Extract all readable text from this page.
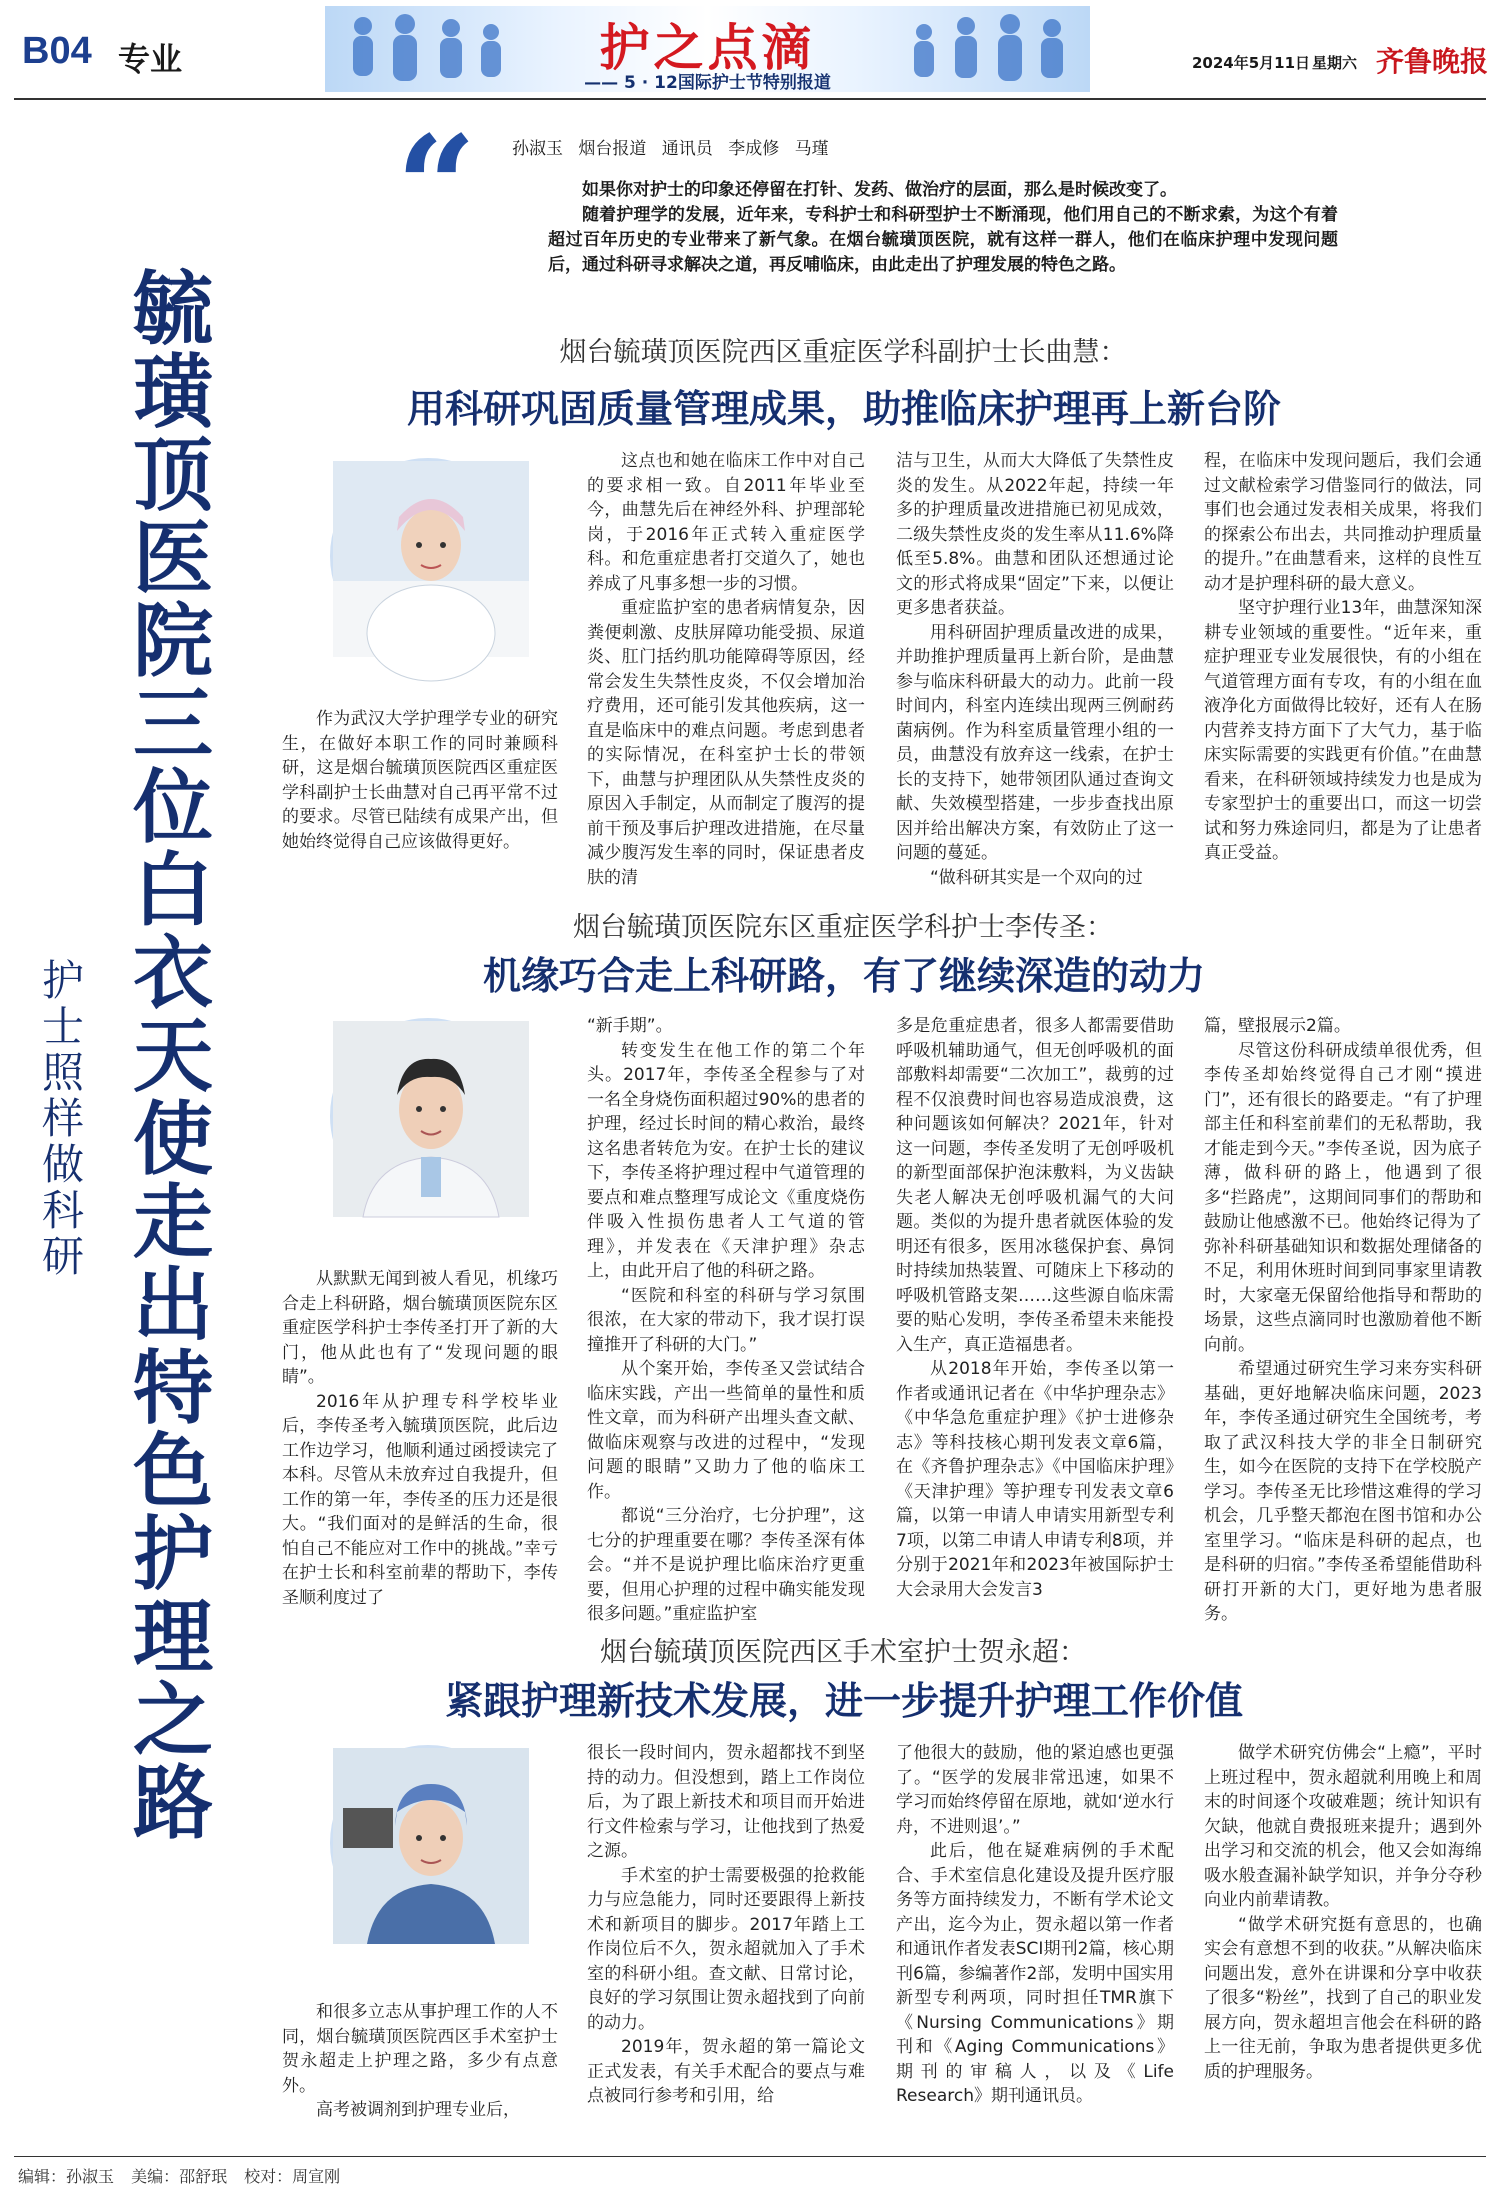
B04 专业	护之点滴
—— 5 · 12国际护士节特别报道
2024年5月11日 星期六 齐鲁晚报
“ 孙淑玉 烟台报道 通讯员 李成修 马瑾

如果你对护士的印象还停留在打针、发药、做治疗的层面，那么是时候改变了。

随着护理学的发展，近年来，专科护士和科研型护士不断涌现，他们用自己的不断求索，为这个有着超过百年历史的专业带来了新气象。在烟台毓璜顶医院，就有这样一群人，他们在临床护理中发现问题后，通过科研寻求解决之道，再反哺临床，由此走出了护理发展的特色之路。

毓璜顶医院三位白衣天使走出特色护理之路
护士照样做科研
烟台毓璜顶医院西区重症医学科副护士长曲慧：
用科研巩固质量管理成果，助推临床护理再上新台阶

作为武汉大学护理学专业的研究生，在做好本职工作的同时兼顾科研，这是烟台毓璜顶医院西区重症医学科副护士长曲慧对自己再平常不过的要求。尽管已陆续有成果产出，但她始终觉得自己应该做得更好。

这点也和她在临床工作中对自己的要求相一致。自2011年毕业至今，曲慧先后在神经外科、护理部轮岗，于2016年正式转入重症医学科。和危重症患者打交道久了，她也养成了凡事多想一步的习惯。

重症监护室的患者病情复杂，因粪便刺激、皮肤屏障功能受损、尿道炎、肛门括约肌功能障碍等原因，经常会发生失禁性皮炎，不仅会增加治疗费用，还可能引发其他疾病，这一直是临床中的难点问题。考虑到患者的实际情况，在科室护士长的带领下，曲慧与护理团队从失禁性皮炎的原因入手制定，从而制定了腹泻的提前干预及事后护理改进措施，在尽量减少腹泻发生率的同时，保证患者皮肤的清

洁与卫生，从而大大降低了失禁性皮炎的发生。从2022年起，持续一年多的护理质量改进措施已初见成效，二级失禁性皮炎的发生率从11.6%降低至5.8%。曲慧和团队还想通过论文的形式将成果“固定”下来，以便让更多患者获益。

用科研固护理质量改进的成果，并助推护理质量再上新台阶，是曲慧参与临床科研最大的动力。此前一段时间内，科室内连续出现两三例耐药菌病例。作为科室质量管理小组的一员，曲慧没有放弃这一线索，在护士长的支持下，她带领团队通过查询文献、失效模型搭建，一步步查找出原因并给出解决方案，有效防止了这一问题的蔓延。

“做科研其实是一个双向的过

程，在临床中发现问题后，我们会通过文献检索学习借鉴同行的做法，同事们也会通过发表相关成果，将我们的探索公布出去，共同推动护理质量的提升。”在曲慧看来，这样的良性互动才是护理科研的最大意义。

坚守护理行业13年，曲慧深知深耕专业领域的重要性。“近年来，重症护理亚专业发展很快，有的小组在气道管理方面有专攻，有的小组在血液净化方面做得比较好，还有人在肠内营养支持方面下了大气力，基于临床实际需要的实践更有价值。”在曲慧看来，在科研领域持续发力也是成为专家型护士的重要出口，而这一切尝试和努力殊途同归，都是为了让患者真正受益。

烟台毓璜顶医院东区重症医学科护士李传圣：
机缘巧合走上科研路，有了继续深造的动力

从默默无闻到被人看见，机缘巧合走上科研路，烟台毓璜顶医院东区重症医学科护士李传圣打开了新的大门，他从此也有了“发现问题的眼睛”。

2016年从护理专科学校毕业后，李传圣考入毓璜顶医院，此后边工作边学习，他顺利通过函授读完了本科。尽管从未放弃过自我提升，但工作的第一年，李传圣的压力还是很大。“我们面对的是鲜活的生命，很怕自己不能应对工作中的挑战。”幸亏在护士长和科室前辈的帮助下，李传圣顺利度过了

“新手期”。

转变发生在他工作的第二个年头。2017年，李传圣全程参与了对一名全身烧伤面积超过90%的患者的护理，经过长时间的精心救治，最终这名患者转危为安。在护士长的建议下，李传圣将护理过程中气道管理的要点和难点整理写成论文《重度烧伤伴吸入性损伤患者人工气道的管理》，并发表在《天津护理》杂志上，由此开启了他的科研之路。

“医院和科室的科研与学习氛围很浓，在大家的带动下，我才误打误撞推开了科研的大门。”

从个案开始，李传圣又尝试结合临床实践，产出一些简单的量性和质性文章，而为科研产出埋头查文献、做临床观察与改进的过程中，“发现问题的眼睛”又助力了他的临床工作。

都说“三分治疗，七分护理”，这七分的护理重要在哪？李传圣深有体会。“并不是说护理比临床治疗更重要，但用心护理的过程中确实能发现很多问题。”重症监护室

多是危重症患者，很多人都需要借助呼吸机辅助通气，但无创呼吸机的面部敷料却需要“二次加工”，裁剪的过程不仅浪费时间也容易造成浪费，这种问题该如何解决？2021年，针对这一问题，李传圣发明了无创呼吸机的新型面部保护泡沫敷料，为义齿缺失老人解决无创呼吸机漏气的大问题。类似的为提升患者就医体验的发明还有很多，医用冰毯保护套、鼻饲时持续加热装置、可随床上下移动的呼吸机管路支架……这些源自临床需要的贴心发明，李传圣希望未来能投入生产，真正造福患者。

从2018年开始，李传圣以第一作者或通讯记者在《中华护理杂志》《中华急危重症护理》《护士进修杂志》等科技核心期刊发表文章6篇，在《齐鲁护理杂志》《中国临床护理》《天津护理》等护理专刊发表文章6篇，以第一申请人申请实用新型专利7项，以第二申请人申请专利8项，并分别于2021年和2023年被国际护士大会录用大会发言3

篇，壁报展示2篇。

尽管这份科研成绩单很优秀，但李传圣却始终觉得自己才刚“摸进门”，还有很长的路要走。“有了护理部主任和科室前辈们的无私帮助，我才能走到今天。”李传圣说，因为底子薄，做科研的路上，他遇到了很多“拦路虎”，这期间同事们的帮助和鼓励让他感激不已。他始终记得为了弥补科研基础知识和数据处理储备的不足，利用休班时间到同事家里请教时，大家毫无保留给他指导和帮助的场景，这些点滴同时也激励着他不断向前。

希望通过研究生学习来夯实科研基础，更好地解决临床问题，2023年，李传圣通过研究生全国统考，考取了武汉科技大学的非全日制研究生，如今在医院的支持下在学校脱产学习。李传圣无比珍惜这难得的学习机会，几乎整天都泡在图书馆和办公室里学习。“临床是科研的起点，也是科研的归宿。”李传圣希望能借助科研打开新的大门，更好地为患者服务。

烟台毓璜顶医院西区手术室护士贺永超：
紧跟护理新技术发展，进一步提升护理工作价值

和很多立志从事护理工作的人不同，烟台毓璜顶医院西区手术室护士贺永超走上护理之路，多少有点意外。

高考被调剂到护理专业后，

很长一段时间内，贺永超都找不到坚持的动力。但没想到，踏上工作岗位后，为了跟上新技术和项目而开始进行文件检索与学习，让他找到了热爱之源。

手术室的护士需要极强的抢救能力与应急能力，同时还要跟得上新技术和新项目的脚步。2017年踏上工作岗位后不久，贺永超就加入了手术室的科研小组。查文献、日常讨论，良好的学习氛围让贺永超找到了向前的动力。

2019年，贺永超的第一篇论文正式发表，有关手术配合的要点与难点被同行参考和引用，给

了他很大的鼓励，他的紧迫感也更强了。“医学的发展非常迅速，如果不学习而始终停留在原地，就如‘逆水行舟，不进则退’。”

此后，他在疑难病例的手术配合、手术室信息化建设及提升医疗服务等方面持续发力，不断有学术论文产出，迄今为止，贺永超以第一作者和通讯作者发表SCI期刊2篇，核心期刊6篇，参编著作2部，发明中国实用新型专利两项，同时担任TMR旗下《Nursing Communications》期刊和《Aging Communications》期刊的审稿人，以及《Life Research》期刊通讯员。

做学术研究仿佛会“上瘾”，平时上班过程中，贺永超就利用晚上和周末的时间逐个攻破难题；统计知识有欠缺，他就自费报班来提升；遇到外出学习和交流的机会，他又会如海绵吸水般查漏补缺学知识，并争分夺秒向业内前辈请教。

“做学术研究挺有意思的，也确实会有意想不到的收获。”从解决临床问题出发，意外在讲课和分享中收获了很多“粉丝”，找到了自己的职业发展方向，贺永超坦言他会在科研的路上一往无前，争取为患者提供更多优质的护理服务。

编辑：孙淑玉 美编：邵舒珉 校对：周宣刚
